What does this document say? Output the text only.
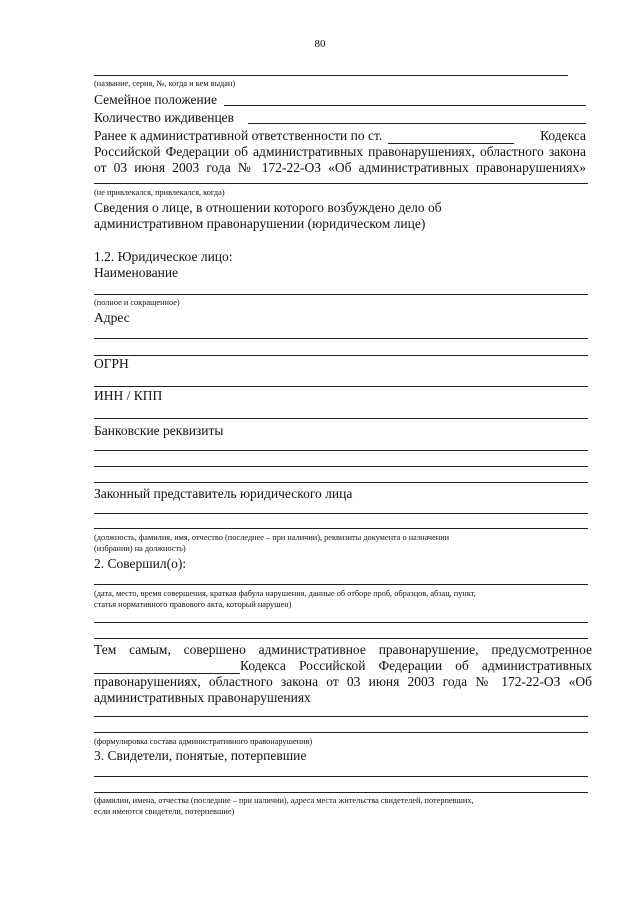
80
(название, серия, №, когда и кем выдан)
Семейное положение
Количество иждивенцев
Ранее к административной ответственности по ст.	Кодекса
Российской Федерации об административных правонарушениях, областного закона
от 03 июня 2003 года № 172-22-ОЗ «Об административных правонарушениях»
(не привлекался, привлекался, когда)
Сведения о лице, в отношении которого возбуждено дело об
административном правонарушении (юридическом лице)
1.2. Юридическое лицо:
Наименование
(полное и сокращенное)
Адрес
ОГРН
ИНН / КПП
Банковские реквизиты
Законный представитель юридического лица
(должность, фамилия, имя, отчество (последнее – при наличии), реквизиты документа о назначении
(избрании) на должность)
2. Совершил(о):
(дата, место, время совершения, краткая фабула нарушения, данные об отборе проб, образцов, абзац, пункт,
статья нормативного правового акта, который нарушен)
Тем самым, совершено административное правонарушение, предусмотренное
Кодекса Российской Федерации об административных
правонарушениях, областного закона от 03 июня 2003 года № 172-22-ОЗ «Об
административных правонарушениях
(формулировка состава административного правонарушения)
3. Свидетели, понятые, потерпевшие
(фамилии, имена, отчества (последние – при наличии), адреса места жительства свидетелей, потерпевших,
если имеются свидетели, потерпевшие)
